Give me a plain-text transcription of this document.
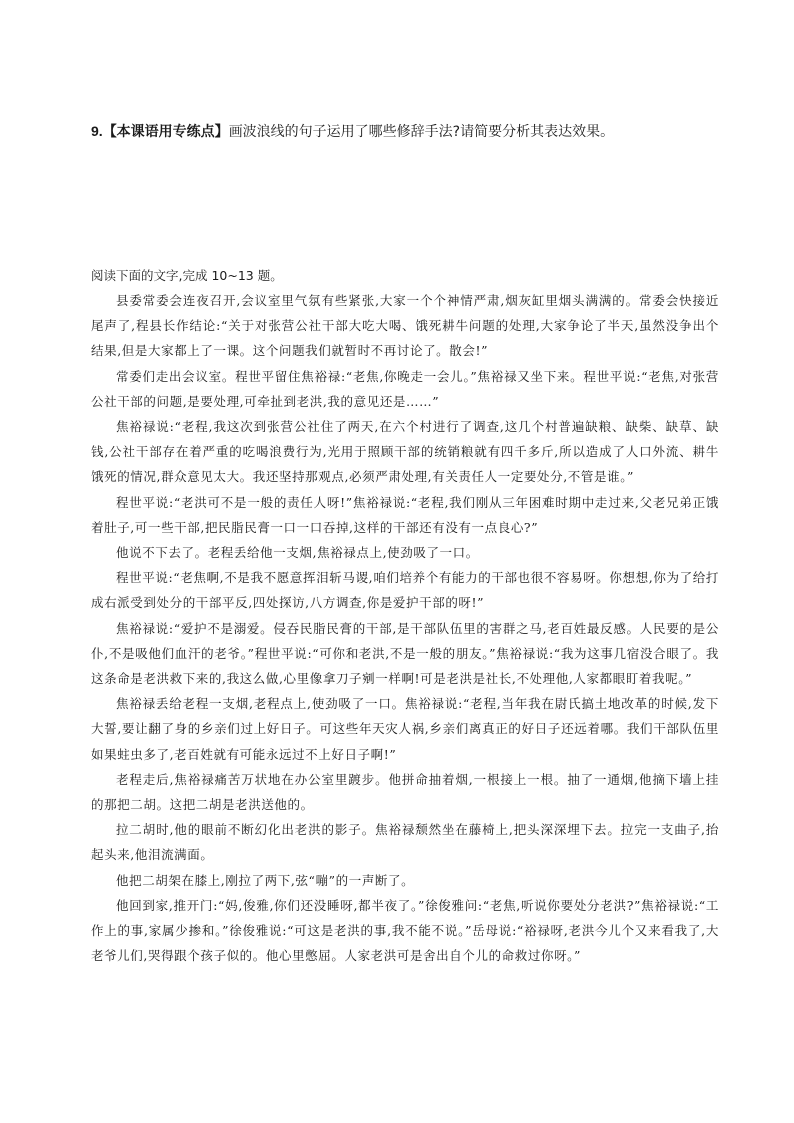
9.【本课语用专练点】画波浪线的句子运用了哪些修辞手法?请简要分析其表达效果。
阅读下面的文字,完成 10~13 题。

县委常委会连夜召开,会议室里气氛有些紧张,大家一个个神情严肃,烟灰缸里烟头满满的。常委会快接近尾声了,程县长作结论:“关于对张营公社干部大吃大喝、饿死耕牛问题的处理,大家争论了半天,虽然没争出个结果,但是大家都上了一课。这个问题我们就暂时不再讨论了。散会!”

常委们走出会议室。程世平留住焦裕禄:“老焦,你晚走一会儿。”焦裕禄又坐下来。程世平说:“老焦,对张营公社干部的问题,是要处理,可牵扯到老洪,我的意见还是……”

焦裕禄说:“老程,我这次到张营公社住了两天,在六个村进行了调查,这几个村普遍缺粮、缺柴、缺草、缺钱,公社干部存在着严重的吃喝浪费行为,光用于照顾干部的统销粮就有四千多斤,所以造成了人口外流、耕牛饿死的情况,群众意见太大。我还坚持那观点,必须严肃处理,有关责任人一定要处分,不管是谁。”

程世平说:“老洪可不是一般的责任人呀!”焦裕禄说:“老程,我们刚从三年困难时期中走过来,父老兄弟正饿着肚子,可一些干部,把民脂民膏一口一口吞掉,这样的干部还有没有一点良心?”

他说不下去了。老程丢给他一支烟,焦裕禄点上,使劲吸了一口。

程世平说:“老焦啊,不是我不愿意挥泪斩马谡,咱们培养个有能力的干部也很不容易呀。你想想,你为了给打成右派受到处分的干部平反,四处探访,八方调查,你是爱护干部的呀!”

焦裕禄说:“爱护不是溺爱。侵吞民脂民膏的干部,是干部队伍里的害群之马,老百姓最反感。人民要的是公仆,不是吸他们血汗的老爷。”程世平说:“可你和老洪,不是一般的朋友。”焦裕禄说:“我为这事几宿没合眼了。我这条命是老洪救下来的,我这么做,心里像拿刀子剜一样啊!可是老洪是社长,不处理他,人家都眼盯着我呢。”

焦裕禄丢给老程一支烟,老程点上,使劲吸了一口。焦裕禄说:“老程,当年我在尉氏搞土地改革的时候,发下大誓,要让翻了身的乡亲们过上好日子。可这些年天灾人祸,乡亲们离真正的好日子还远着哪。我们干部队伍里如果蛀虫多了,老百姓就有可能永远过不上好日子啊!”

老程走后,焦裕禄痛苦万状地在办公室里踱步。他拼命抽着烟,一根接上一根。抽了一通烟,他摘下墙上挂的那把二胡。这把二胡是老洪送他的。

拉二胡时,他的眼前不断幻化出老洪的影子。焦裕禄颓然坐在藤椅上,把头深深埋下去。拉完一支曲子,抬起头来,他泪流满面。

他把二胡架在膝上,刚拉了两下,弦“嘣”的一声断了。

他回到家,推开门:“妈,俊雅,你们还没睡呀,都半夜了。”徐俊雅问:“老焦,听说你要处分老洪?”焦裕禄说:“工作上的事,家属少掺和。”徐俊雅说:“可这是老洪的事,我不能不说。”岳母说:“裕禄呀,老洪今儿个又来看我了,大老爷儿们,哭得跟个孩子似的。他心里憋屈。人家老洪可是舍出自个儿的命救过你呀。”
